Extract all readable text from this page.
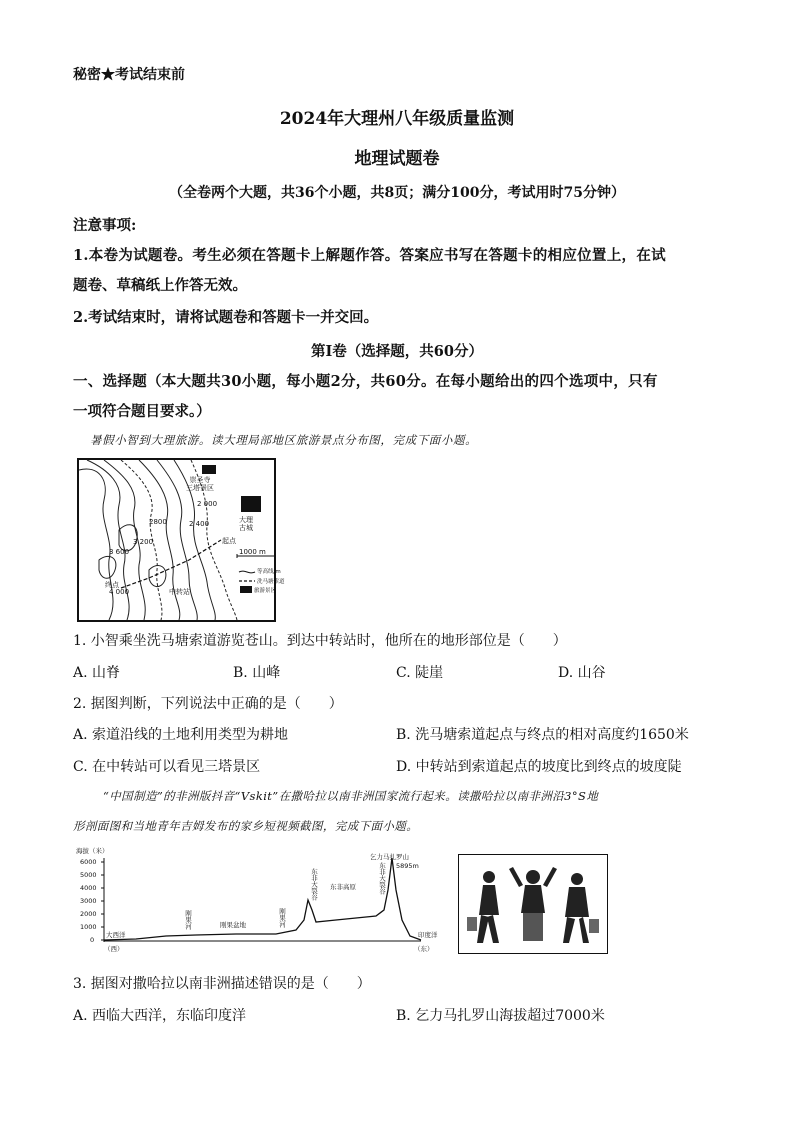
秘密★考试结束前
2024年大理州八年级质量监测
地理试题卷
（全卷两个大题，共36个小题，共8页；满分100分，考试用时75分钟）
注意事项:
1.本卷为试题卷。考生必须在答题卡上解题作答。答案应书写在答题卡的相应位置上，在试
题卷、草稿纸上作答无效。
2.考试结束时，请将试题卷和答题卡一并交回。
第Ⅰ卷（选择题，共60分）
一、选择题（本大题共30小题，每小题2分，共60分。在每小题给出的四个选项中，只有
一项符合题目要求。）
暑假小智到大理旅游。读大理局部地区旅游景点分布图，完成下面小题。
崇圣寺
三塔景区
大理
古城
起点
终点
中转站
2 000
2800
3 200
3 600
2 400
4 000
1000 m
等高线/m
洗马塘索道
旅游景区
1. 小智乘坐洗马塘索道游览苍山。到达中转站时，他所在的地形部位是（　　）
A. 山脊	B. 山峰	C. 陡崖	D. 山谷
2. 据图判断，下列说法中正确的是（　　）
A. 索道沿线的土地利用类型为耕地	B. 洗马塘索道起点与终点的相对高度约1650米
C. 在中转站可以看见三塔景区	D. 中转站到索道起点的坡度比到终点的坡度陡
“中国制造”的非洲版抖音“Vskit”在撒哈拉以南非洲国家流行起来。读撒哈拉以南非洲沿3°S地
形剖面图和当地青年吉姆发布的家乡短视频截图，完成下面小题。
海拔（米）
6000
5000
4000
3000
2000
1000
0
大西洋
（西）	（东）
印度洋
刚果河	刚果盆地	刚果河
东非大裂谷 东非高原	东非大裂谷
乞力马扎罗山
5895m
3. 据图对撒哈拉以南非洲描述错误的是（　　）
A. 西临大西洋，东临印度洋	B. 乞力马扎罗山海拔超过7000米
